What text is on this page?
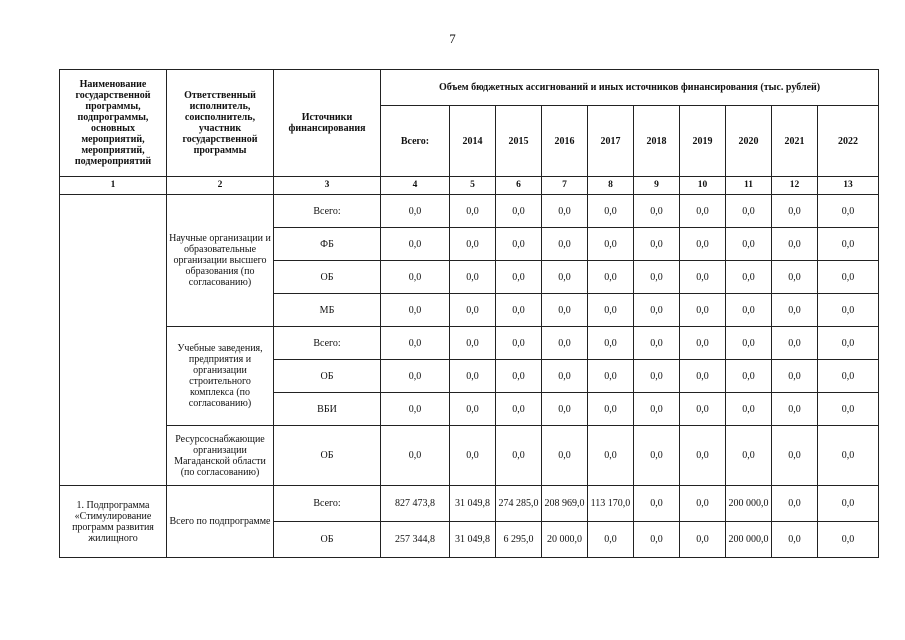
7
Наименование государственной программы, подпрограммы, основных мероприятий, мероприятий, подмероприятий	Ответственный исполнитель, соисполнитель, участник государственной программы	Источники финансирования	Объем бюджетных ассигнований и иных источников финансирования (тыс. рублей)									
			Всего:	2014	2015	2016	2017	2018	2019	2020	2021	2022
1	2	3	4	5	6	7	8	9	10	11	12	13
	Научные организации и образовательные организации высшего образования (по согласованию)	Всего:	0,0	0,0	0,0	0,0	0,0	0,0	0,0	0,0	0,0	0,0
		ФБ	0,0	0,0	0,0	0,0	0,0	0,0	0,0	0,0	0,0	0,0
		ОБ	0,0	0,0	0,0	0,0	0,0	0,0	0,0	0,0	0,0	0,0
		МБ	0,0	0,0	0,0	0,0	0,0	0,0	0,0	0,0	0,0	0,0
	Учебные заведения, предприятия и организации строительного комплекса (по согласованию)	Всего:	0,0	0,0	0,0	0,0	0,0	0,0	0,0	0,0	0,0	0,0
		ОБ	0,0	0,0	0,0	0,0	0,0	0,0	0,0	0,0	0,0	0,0
		ВБИ	0,0	0,0	0,0	0,0	0,0	0,0	0,0	0,0	0,0	0,0
	Ресурсоснабжающие организации Магаданской области (по согласованию)	ОБ	0,0	0,0	0,0	0,0	0,0	0,0	0,0	0,0	0,0	0,0
1. Подпрограмма «Стимулирование программ развития жилищного	Всего по подпрограмме	Всего:	827 473,8	31 049,8	274 285,0	208 969,0	113 170,0	0,0	0,0	200 000,0	0,0	0,0
		ОБ	257 344,8	31 049,8	6 295,0	20 000,0	0,0	0,0	0,0	200 000,0	0,0	0,0
